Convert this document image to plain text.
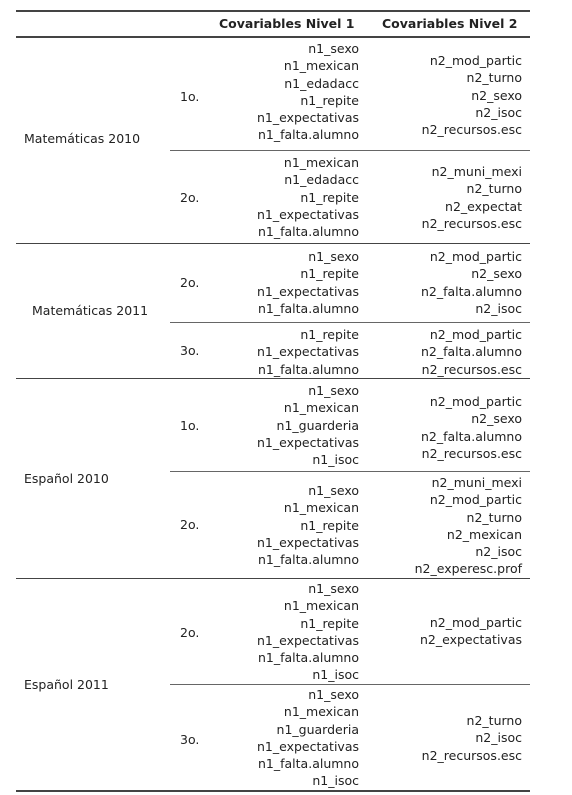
Covariables Nivel 1 Covariables Nivel 2
Matemáticas 2010
1o.
n1_sexo
n1_mexican
n1_edadacc
n1_repite
n1_expectativas
n1_falta.alumno
n2_mod_partic
n2_turno
n2_sexo
n2_isoc
n2_recursos.esc
2o.
n1_mexican
n1_edadacc
n1_repite
n1_expectativas
n1_falta.alumno
n2_muni_mexi
n2_turno
n2_expectat
n2_recursos.esc
Matemáticas 2011
2o.
n1_sexo
n1_repite
n1_expectativas
n1_falta.alumno
n2_mod_partic
n2_sexo
n2_falta.alumno
n2_isoc
3o.
n1_repite
n1_expectativas
n1_falta.alumno
n2_mod_partic
n2_falta.alumno
n2_recursos.esc
Español 2010
1o.
n1_sexo
n1_mexican
n1_guarderia
n1_expectativas
n1_isoc
n2_mod_partic
n2_sexo
n2_falta.alumno
n2_recursos.esc
2o.
n1_sexo
n1_mexican
n1_repite
n1_expectativas
n1_falta.alumno
n2_muni_mexi
n2_mod_partic
n2_turno
n2_mexican
n2_isoc
n2_experesc.prof
Español 2011
2o.
n1_sexo
n1_mexican
n1_repite
n1_expectativas
n1_falta.alumno
n1_isoc
n2_mod_partic
n2_expectativas
3o.
n1_sexo
n1_mexican
n1_guarderia
n1_expectativas
n1_falta.alumno
n1_isoc
n2_turno
n2_isoc
n2_recursos.esc
